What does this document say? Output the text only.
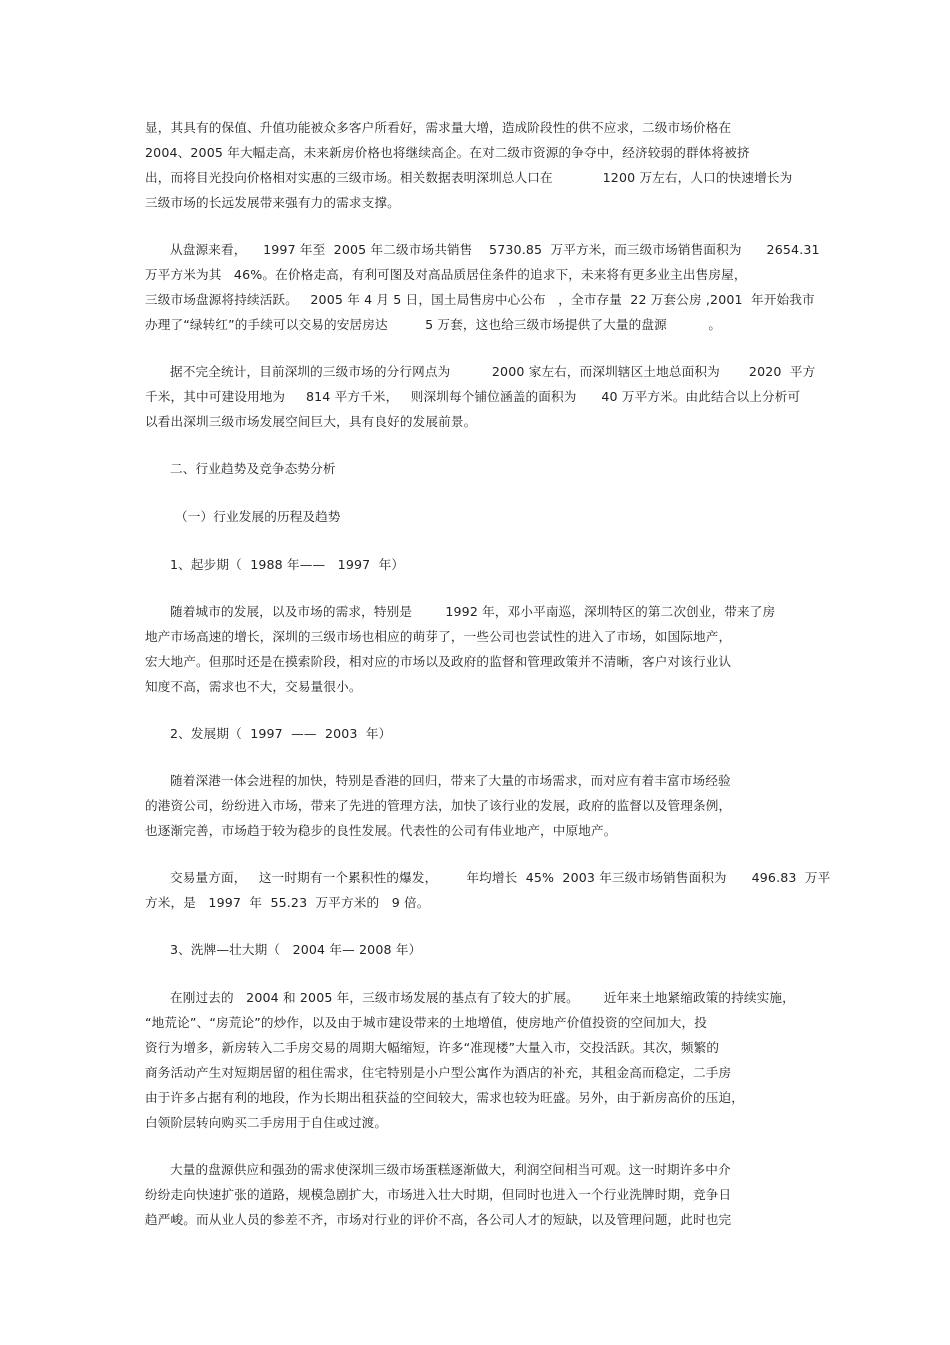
显，其具有的保值、升值功能被众多客户所看好，需求量大增，造成阶段性的供不应求，二级市场价格在
2004、2005 年大幅走高，未来新房价格也将继续高企。在对二级市资源的争夺中，经济较弱的群体将被挤
出，而将目光投向价格相对实惠的三级市场。相关数据表明深圳总人口在            1200 万左右，人口的快速增长为
三级市场的长远发展带来强有力的需求支撑。
从盘源来看，    1997 年至  2005 年二级市场共销售    5730.85  万平方米，而三级市场销售面积为      2654.31
万平方米为其   46%。在价格走高，有利可图及对高品质居住条件的追求下，未来将有更多业主出售房屋，
三级市场盘源将持续活跃。   2005 年 4 月 5 日，国土局售房中心公布   ，全市存量  22 万套公房 ,2001  年开始我市
办理了“绿转红”的手续可以交易的安居房达         5 万套，这也给三级市场提供了大量的盘源          。
据不完全统计，目前深圳的三级市场的分行网点为          2000 家左右，而深圳辖区土地总面积为       2020  平方
千米，其中可建设用地为     814 平方千米，   则深圳每个铺位涵盖的面积为      40 万平方米。由此结合以上分析可
以看出深圳三级市场发展空间巨大，具有良好的发展前景。
二、行业趋势及竞争态势分析
（一）行业发展的历程及趋势
1、起步期（  1988 年——   1997  年）
随着城市的发展，以及市场的需求，特别是        1992 年，邓小平南巡，深圳特区的第二次创业，带来了房
地产市场高速的增长，深圳的三级市场也相应的萌芽了，一些公司也尝试性的进入了市场，如国际地产，
宏大地产。但那时还是在摸索阶段，相对应的市场以及政府的监督和管理政策并不清晰，客户对该行业认
知度不高，需求也不大，交易量很小。
2、发展期（  1997  ——  2003  年）
随着深港一体会进程的加快，特别是香港的回归，带来了大量的市场需求，而对应有着丰富市场经验
的港资公司，纷纷进入市场，带来了先进的管理方法，加快了该行业的发展，政府的监督以及管理条例，
也逐渐完善，市场趋于较为稳步的良性发展。代表性的公司有伟业地产，中原地产。
交易量方面，   这一时期有一个累积性的爆发，       年均增长  45%  2003 年三级市场销售面积为      496.83  万平
方米，是   1997  年  55.23  万平方米的   9 倍。
3、洗牌—壮大期（   2004 年— 2008 年）
在刚过去的   2004 和 2005 年，三级市场发展的基点有了较大的扩展。      近年来土地紧缩政策的持续实施，
“地荒论”、“房荒论”的炒作，以及由于城市建设带来的土地增值，使房地产价值投资的空间加大，投
资行为增多，新房转入二手房交易的周期大幅缩短，许多“准现楼”大量入市，交投活跃。其次，频繁的
商务活动产生对短期居留的租住需求，住宅特别是小户型公寓作为酒店的补充，其租金高而稳定，二手房
由于许多占据有利的地段，作为长期出租获益的空间较大，需求也较为旺盛。另外，由于新房高价的压迫，
白领阶层转向购买二手房用于自住或过渡。
大量的盘源供应和强劲的需求使深圳三级市场蛋糕逐渐做大，利润空间相当可观。这一时期许多中介
纷纷走向快速扩张的道路，规模急剧扩大，市场进入壮大时期，但同时也进入一个行业洗牌时期，竞争日
趋严峻。而从业人员的参差不齐，市场对行业的评价不高，各公司人才的短缺，以及管理问题，此时也完
